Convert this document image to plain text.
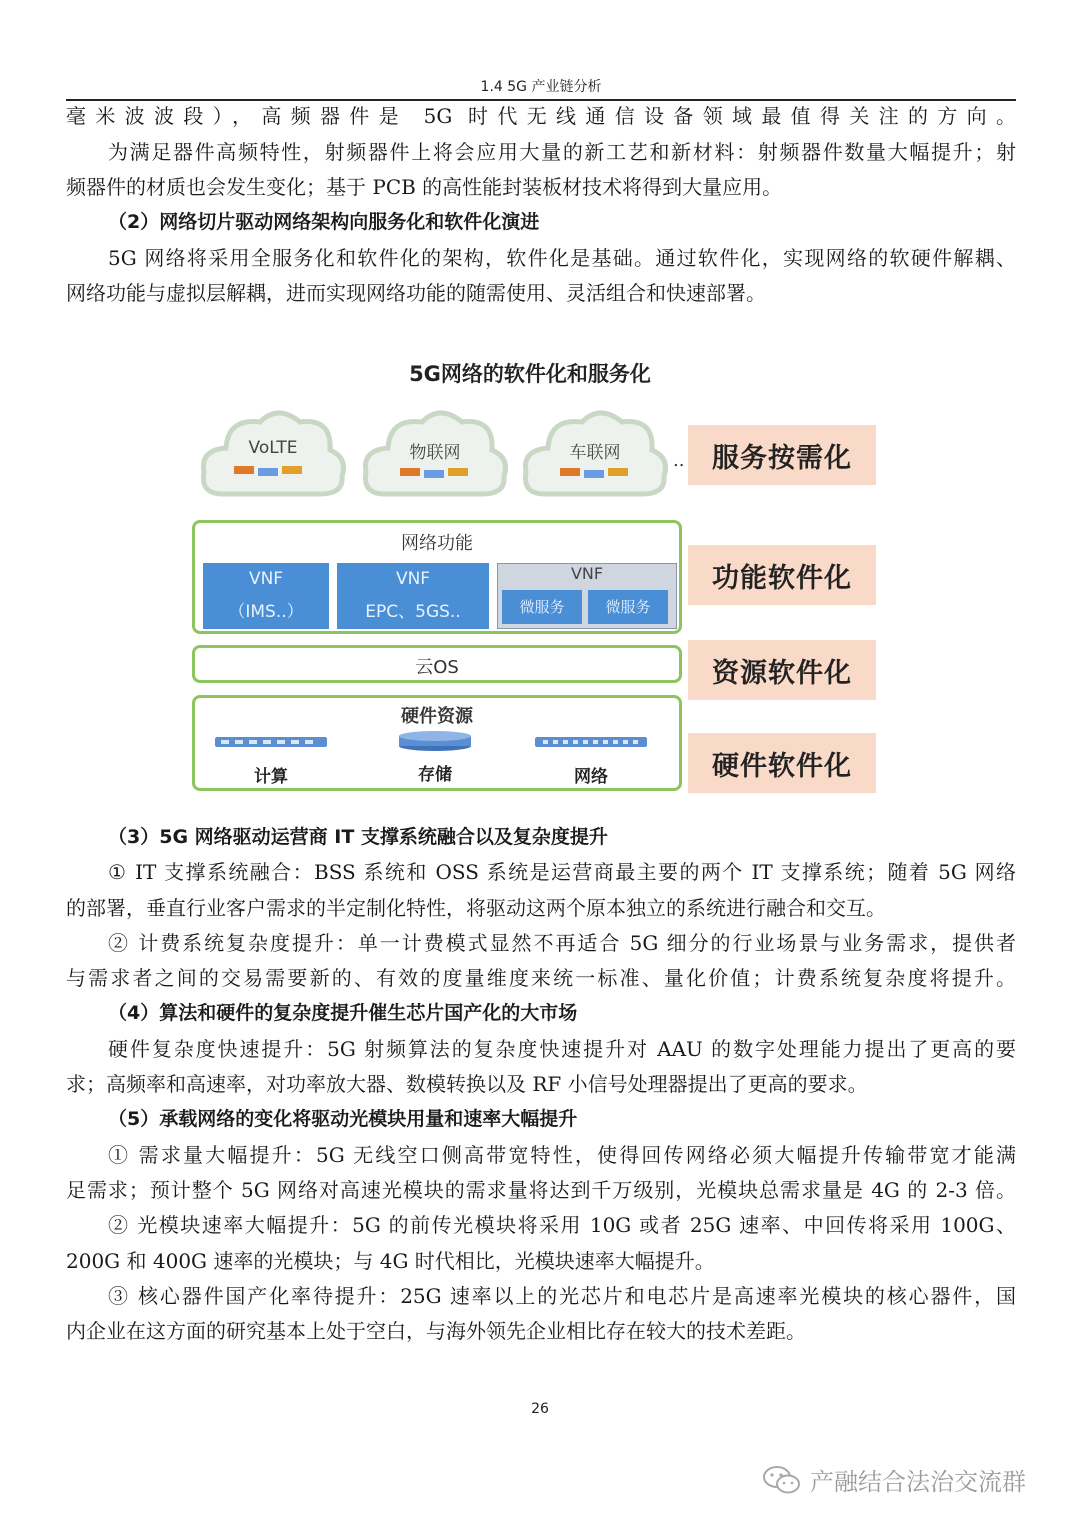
1.4 5G 产业链分析
毫米波波段），高频器件是 5G 时代无线通信设备领域最值得关注的方向。
为满足器件高频特性，射频器件上将会应用大量的新工艺和新材料：射频器件数量大幅提升；射
频器件的材质也会发生变化；基于 PCB 的高性能封装板材技术将得到大量应用。
（2）网络切片驱动网络架构向服务化和软件化演进
5G 网络将采用全服务化和软件化的架构，软件化是基础。通过软件化，实现网络的软硬件解耦、
网络功能与虚拟层解耦，进而实现网络功能的随需使用、灵活组合和快速部署。
5G网络的软件化和服务化
VoLTE	物联网	车联网	..	服务按需化
功能软件化
资源软件化
硬件软件化
网络功能
VNF
（IMS..）
VNF
EPC、5GS..
VNF
微服务	微服务
云OS
硬件资源
计算	存储	网络
（3）5G 网络驱动运营商 IT 支撑系统融合以及复杂度提升
① IT 支撑系统融合：BSS 系统和 OSS 系统是运营商最主要的两个 IT 支撑系统；随着 5G 网络
的部署，垂直行业客户需求的半定制化特性，将驱动这两个原本独立的系统进行融合和交互。
② 计费系统复杂度提升：单一计费模式显然不再适合 5G 细分的行业场景与业务需求，提供者
与需求者之间的交易需要新的、有效的度量维度来统一标准、量化价值；计费系统复杂度将提升。
（4）算法和硬件的复杂度提升催生芯片国产化的大市场
硬件复杂度快速提升：5G 射频算法的复杂度快速提升对 AAU 的数字处理能力提出了更高的要
求；高频率和高速率，对功率放大器、数模转换以及 RF 小信号处理器提出了更高的要求。
（5）承载网络的变化将驱动光模块用量和速率大幅提升
① 需求量大幅提升：5G 无线空口侧高带宽特性，使得回传网络必须大幅提升传输带宽才能满
足需求；预计整个 5G 网络对高速光模块的需求量将达到千万级别，光模块总需求量是 4G 的 2-3 倍。
② 光模块速率大幅提升：5G 的前传光模块将采用 10G 或者 25G 速率、中回传将采用 100G、
200G 和 400G 速率的光模块；与 4G 时代相比，光模块速率大幅提升。
③ 核心器件国产化率待提升：25G 速率以上的光芯片和电芯片是高速率光模块的核心器件，国
内企业在这方面的研究基本上处于空白，与海外领先企业相比存在较大的技术差距。
26
产融结合法治交流群
